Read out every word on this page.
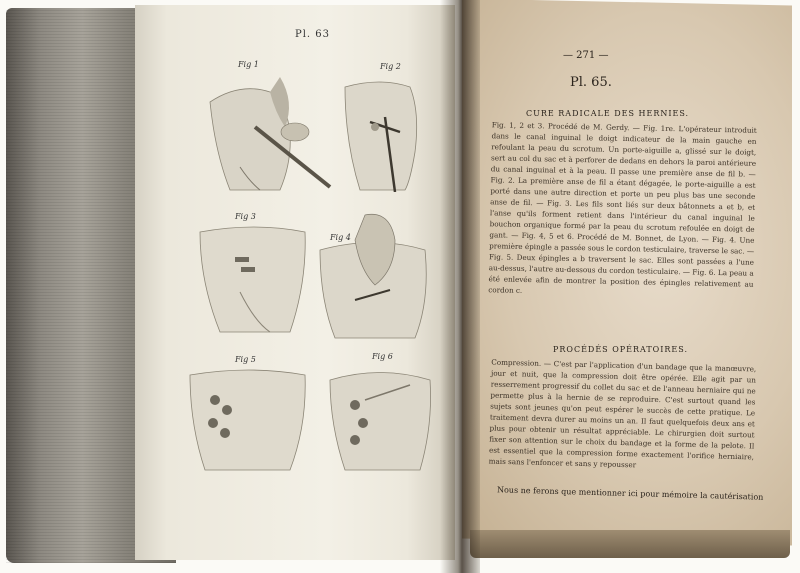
Pl. 63
Fig 1	Fig 2
Fig 3
Fig 4
Fig 5	Fig 6
— 271 —
Pl. 65.
CURE RADICALE DES HERNIES.
Fig. 1, 2 et 3. Procédé de M. Gerdy. — Fig. 1re. L'opérateur introduit dans le canal inguinal le doigt indicateur de la main gauche en refoulant la peau du scrotum. Un porte-aiguille a, glissé sur le doigt, sert au col du sac et à perforer de dedans en dehors la paroi antérieure du canal inguinal et à la peau. Il passe une première anse de fil b. — Fig. 2. La première anse de fil a étant dégagée, le porte-aiguille a est porté dans une autre direction et porte un peu plus bas une seconde anse de fil. — Fig. 3. Les fils sont liés sur deux bâtonnets a et b, et l'anse qu'ils forment retient dans l'intérieur du canal inguinal le bouchon organique formé par la peau du scrotum refoulée en doigt de gant. — Fig. 4, 5 et 6. Procédé de M. Bonnet, de Lyon. — Fig. 4. Une première épingle a passée sous le cordon testiculaire, traverse le sac. — Fig. 5. Deux épingles a b traversent le sac. Elles sont passées a l'une au-dessus, l'autre au-dessous du cordon testiculaire. — Fig. 6. La peau a été enlevée afin de montrer la position des épingles relativement au cordon c.
PROCÉDÉS OPÉRATOIRES.
Compression. — C'est par l'application d'un bandage que la manœuvre, jour et nuit, que la compression doit être opérée. Elle agit par un resserrement progressif du collet du sac et de l'anneau herniaire qui ne permette plus à la hernie de se reproduire. C'est surtout quand les sujets sont jeunes qu'on peut espérer le succès de cette pratique. Le traitement devra durer au moins un an. Il faut quelquefois deux ans et plus pour obtenir un résultat appréciable. Le chirurgien doit surtout fixer son attention sur le choix du bandage et la forme de la pelote. Il est essentiel que la compression forme exactement l'orifice herniaire, mais sans l'enfoncer et sans y repousser
Nous ne ferons que mentionner ici pour mémoire la cautérisation
